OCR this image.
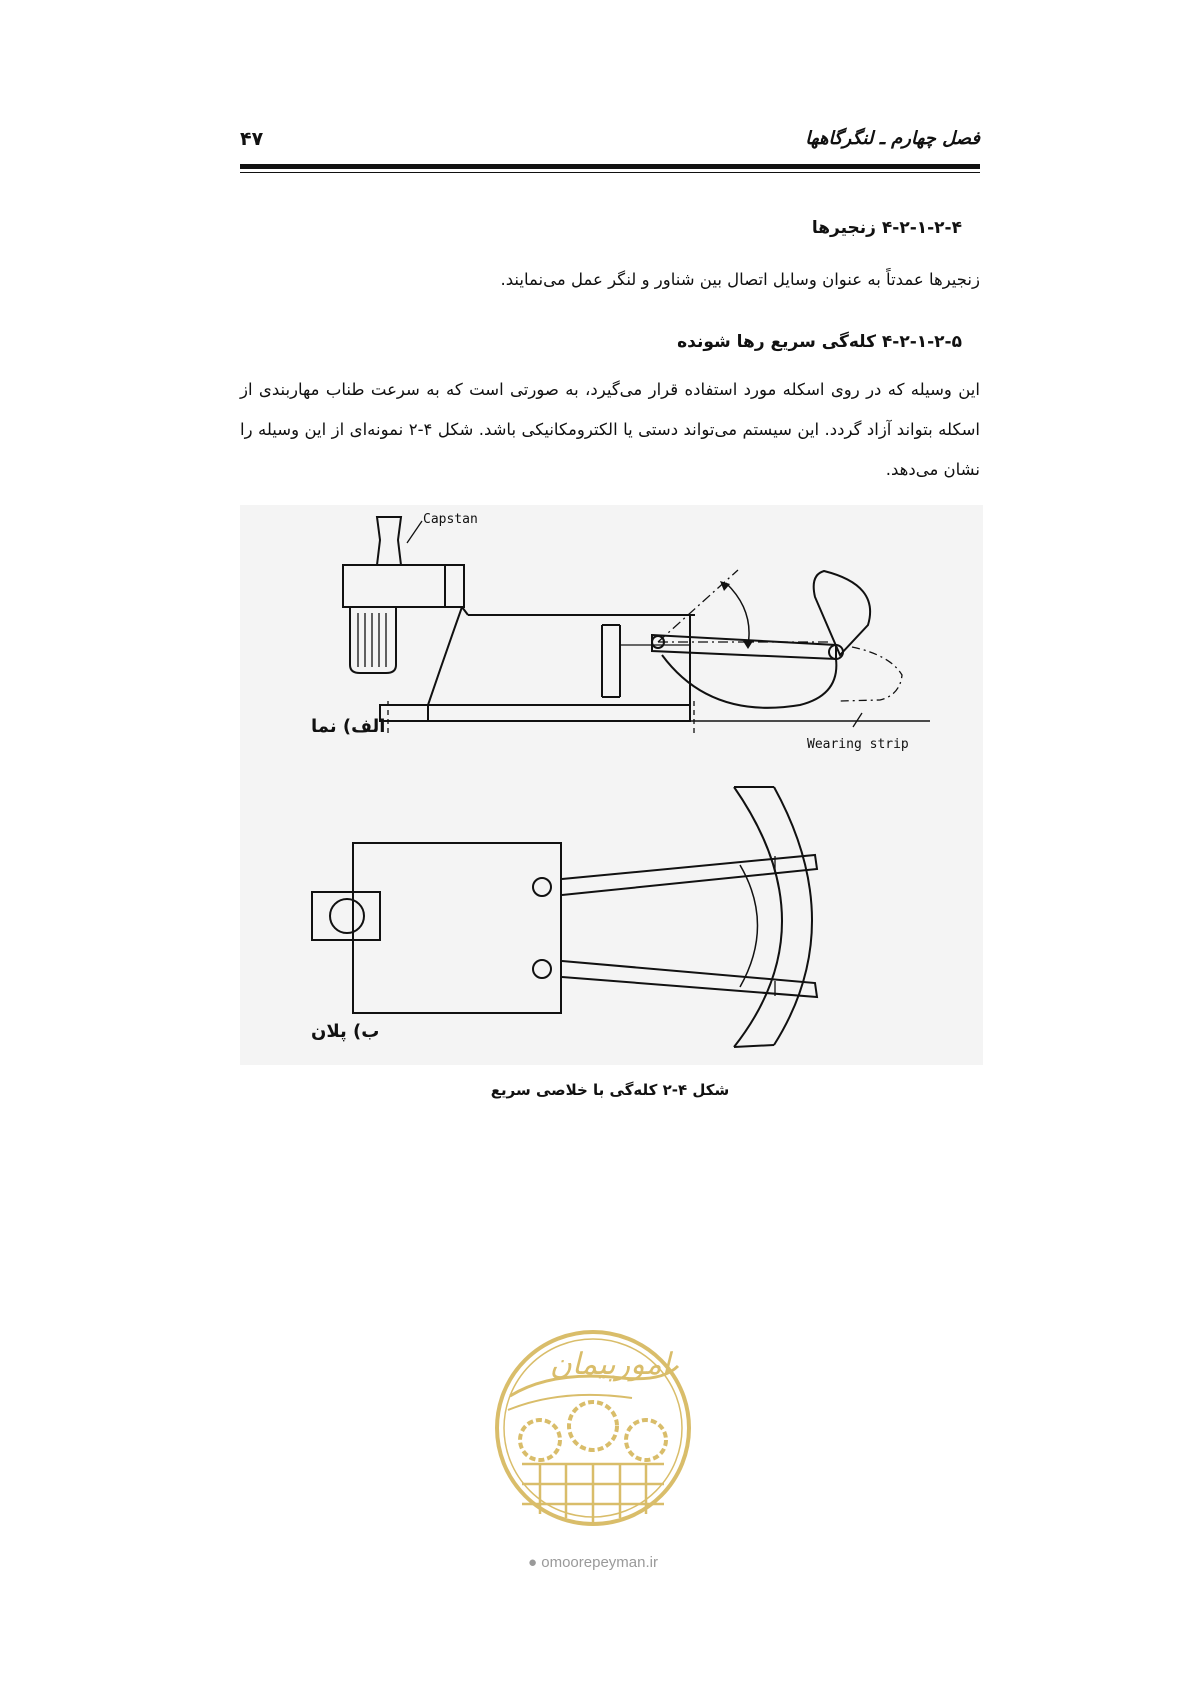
۴۷	فصل چهارم ـ لنگرگاهها
۴-۲-۱-۲-۴ زنجیرها
زنجیرها عمدتاً به عنوان وسایل اتصال بین شناور و لنگر عمل می‌نمایند.
۴-۲-۱-۲-۵ کله‌گی سریع رها شونده
این وسیله که در روی اسکله مورد استفاده قرار می‌گیرد، به صورتی است که به سرعت طناب مهاربندی از اسکله بتواند آزاد گردد. این سیستم می‌تواند دستی یا الکترومکانیکی باشد. شکل ۴-۲ نمونه‌ای از این وسیله را نشان می‌دهد.
Capstan
Wearing strip
الف) نما
ب) پلان
شکل ۴-۲ کله‌گی با خلاصی سریع
امورپیمان
● omoorepeyman.ir
